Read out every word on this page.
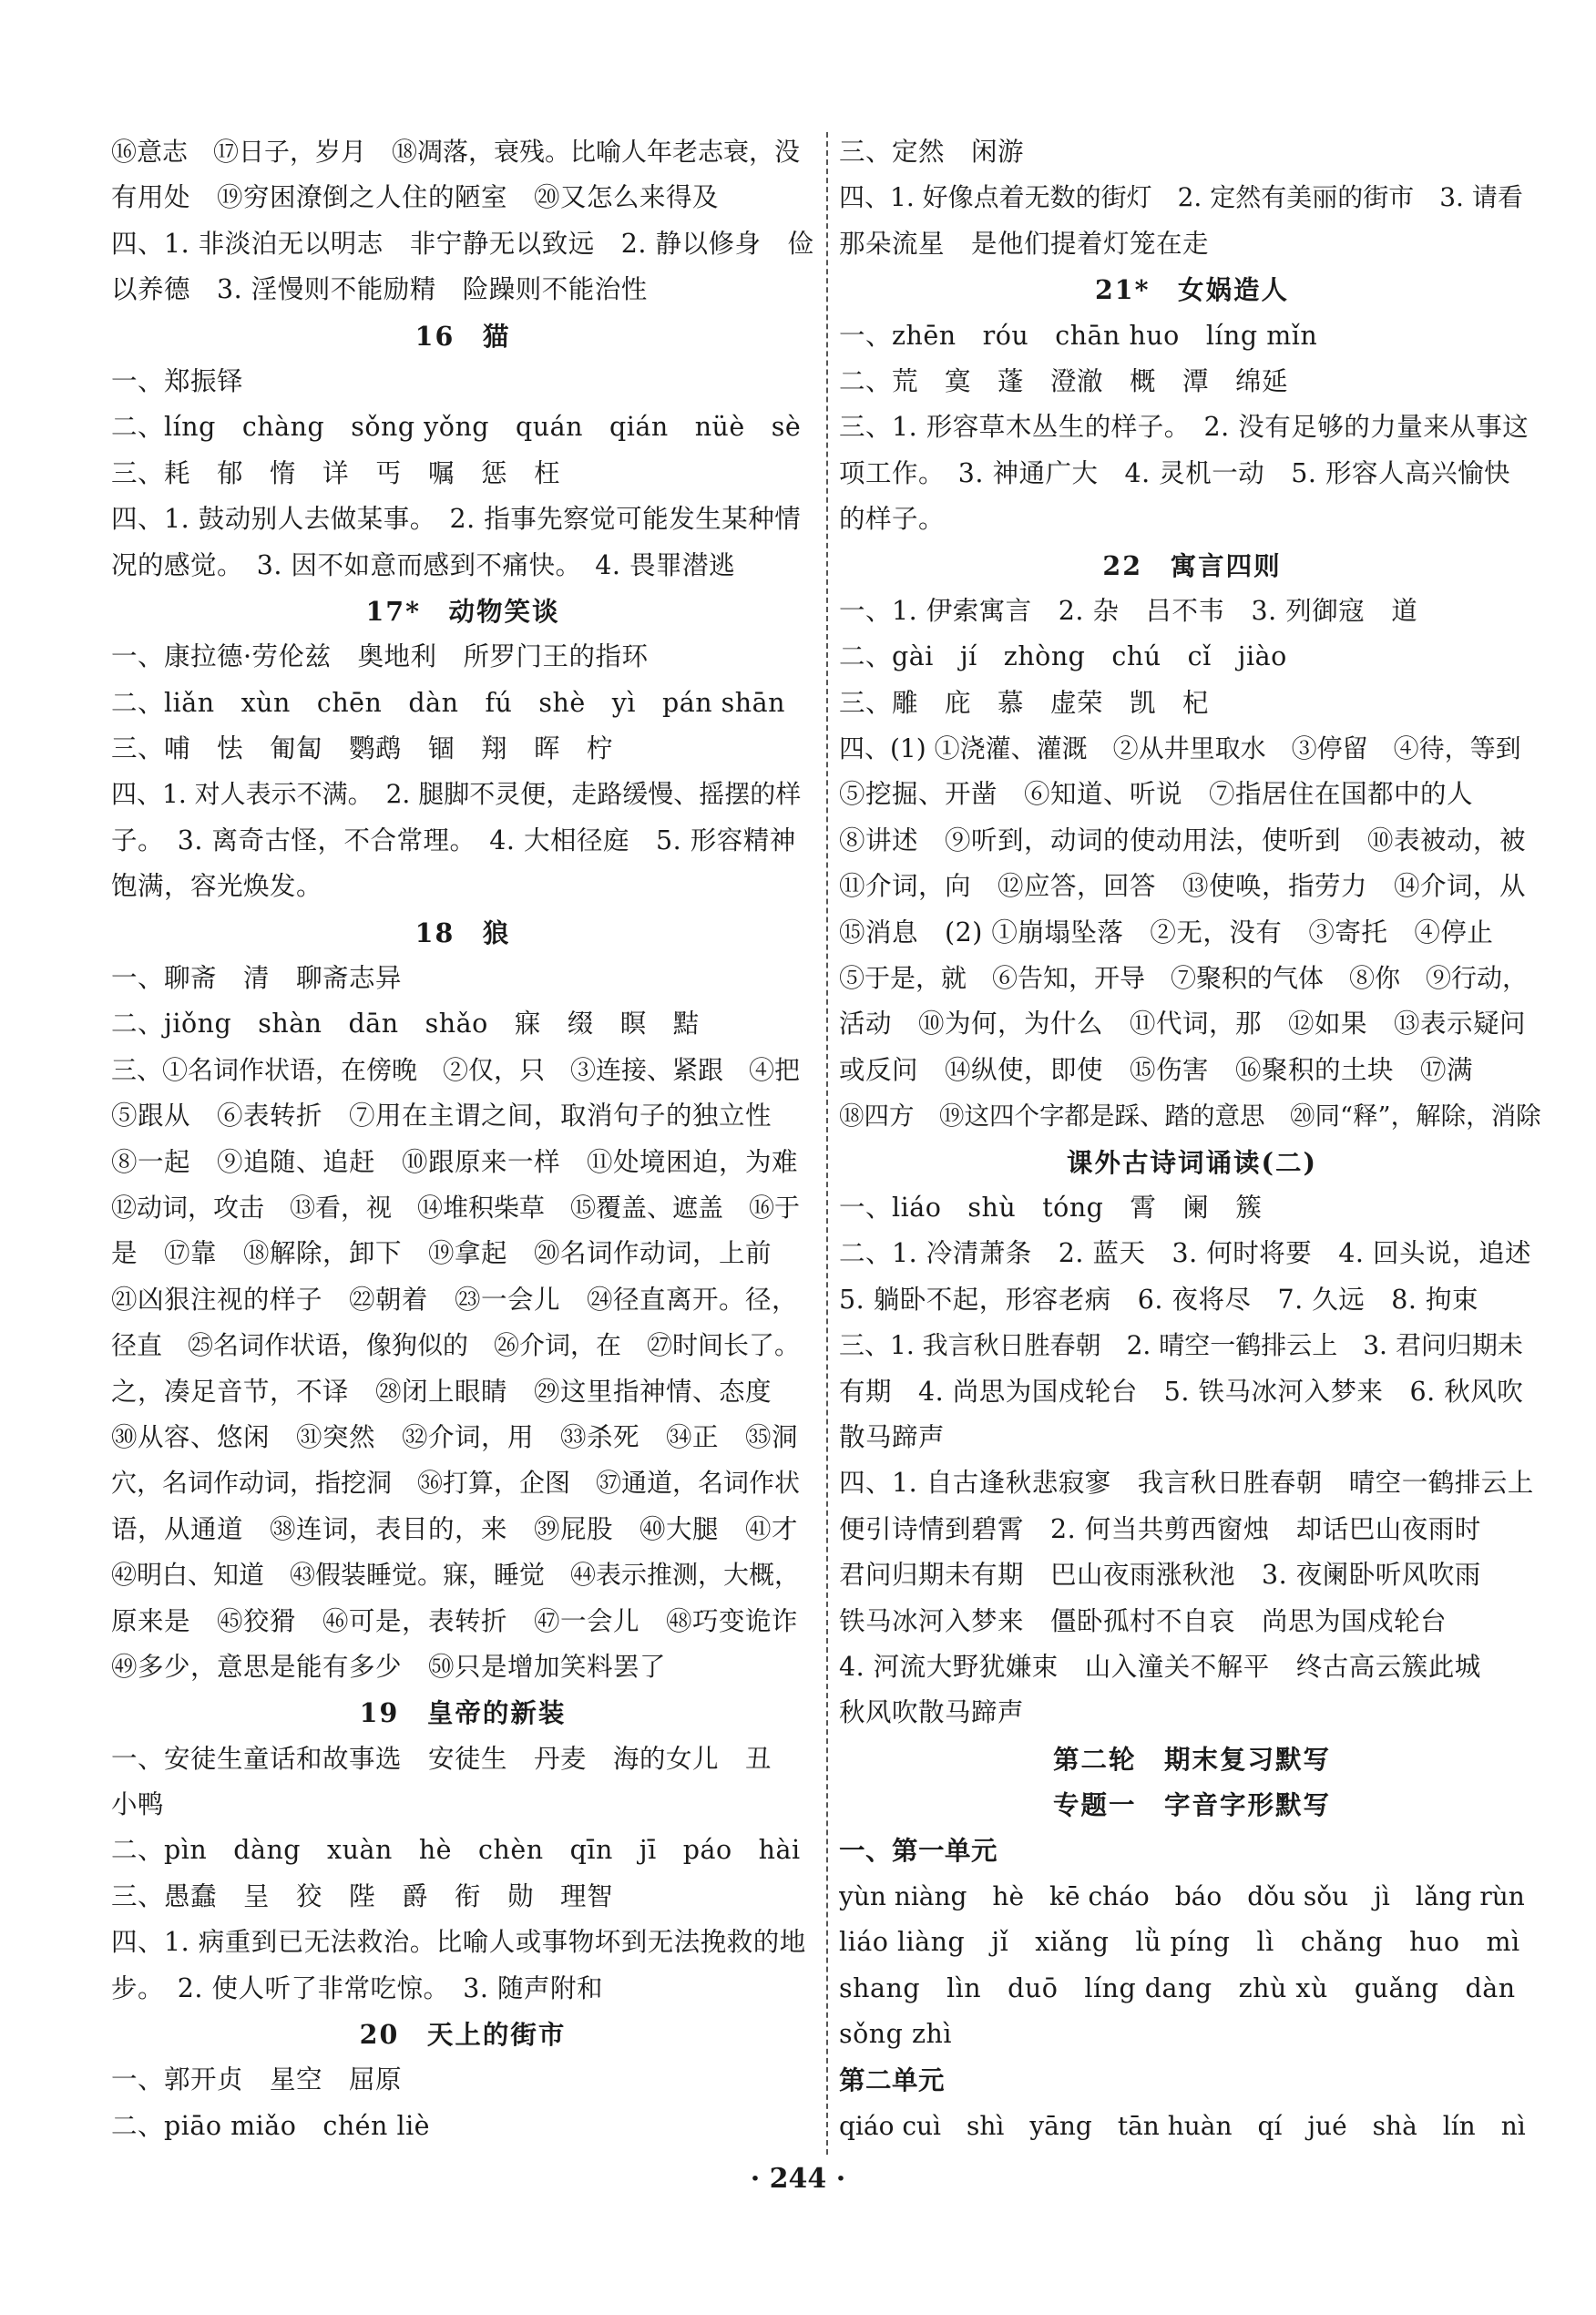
⑯意志　⑰日子，岁月　⑱凋落，衰残。比喻人年老志衰，没
有用处　⑲穷困潦倒之人住的陋室　⑳又怎么来得及
四、1. 非淡泊无以明志　非宁静无以致远　2. 静以修身　俭
以养德　3. 淫慢则不能励精　险躁则不能治性
16　猫
一、郑振铎
二、líng　chàng　sǒng yǒng　quán　qián　nüè　sè
三、耗　郁　惰　详　丐　嘱　惩　枉
四、1. 鼓动别人去做某事。　2. 指事先察觉可能发生某种情
况的感觉。　3. 因不如意而感到不痛快。　4. 畏罪潜逃
17*　动物笑谈
一、康拉德·劳伦兹　奥地利　所罗门王的指环
二、liǎn　xùn　chēn　dàn　fú　shè　yì　pán shān
三、哺　怯　匍匐　鹦鹉　锢　翔　晖　柠
四、1. 对人表示不满。　2. 腿脚不灵便，走路缓慢、摇摆的样
子。　3. 离奇古怪，不合常理。　4. 大相径庭　5. 形容精神
饱满，容光焕发。
18　狼
一、聊斋　清　聊斋志异
二、jiǒng　shàn　dān　shǎo　寐　缀　瞑　黠
三、①名词作状语，在傍晚　②仅，只　③连接、紧跟　④把
⑤跟从　⑥表转折　⑦用在主谓之间，取消句子的独立性
⑧一起　⑨追随、追赶　⑩跟原来一样　⑪处境困迫，为难
⑫动词，攻击　⑬看，视　⑭堆积柴草　⑮覆盖、遮盖　⑯于
是　⑰靠　⑱解除，卸下　⑲拿起　⑳名词作动词，上前
㉑凶狠注视的样子　㉒朝着　㉓一会儿　㉔径直离开。径，
径直　㉕名词作状语，像狗似的　㉖介词，在　㉗时间长了。
之，凑足音节，不译　㉘闭上眼睛　㉙这里指神情、态度
㉚从容、悠闲　㉛突然　㉜介词，用　㉝杀死　㉞正　㉟洞
穴，名词作动词，指挖洞　㊱打算，企图　㊲通道，名词作状
语，从通道　㊳连词，表目的，来　㊴屁股　㊵大腿　㊶才
㊷明白、知道　㊸假装睡觉。寐，睡觉　㊹表示推测，大概，
原来是　㊺狡猾　㊻可是，表转折　㊼一会儿　㊽巧变诡诈
㊾多少，意思是能有多少　㊿只是增加笑料罢了
19　皇帝的新装
一、安徒生童话和故事选　安徒生　丹麦　海的女儿　丑
小鸭
二、pìn　dàng　xuàn　hè　chèn　qīn　jī　páo　hài
三、愚蠢　呈　狡　陛　爵　衔　勋　理智
四、1. 病重到已无法救治。比喻人或事物坏到无法挽救的地
步。　2. 使人听了非常吃惊。　3. 随声附和
20　天上的街市
一、郭开贞　星空　屈原
二、piāo miǎo　chén liè
三、定然　闲游
四、1. 好像点着无数的街灯　2. 定然有美丽的街市　3. 请看
那朵流星　是他们提着灯笼在走
21*　女娲造人
一、zhēn　róu　chān huo　líng mǐn
二、荒　寞　蓬　澄澈　概　潭　绵延
三、1. 形容草木丛生的样子。　2. 没有足够的力量来从事这
项工作。　3. 神通广大　4. 灵机一动　5. 形容人高兴愉快
的样子。
22　寓言四则
一、1. 伊索寓言　2. 杂　吕不韦　3. 列御寇　道
二、gài　jí　zhòng　chú　cǐ　jiào
三、雕　庇　慕　虚荣　凯　杞
四、(1) ①浇灌、灌溉　②从井里取水　③停留　④待，等到
⑤挖掘、开凿　⑥知道、听说　⑦指居住在国都中的人
⑧讲述　⑨听到，动词的使动用法，使听到　⑩表被动，被
⑪介词，向　⑫应答，回答　⑬使唤，指劳力　⑭介词，从
⑮消息　(2) ①崩塌坠落　②无，没有　③寄托　④停止
⑤于是，就　⑥告知，开导　⑦聚积的气体　⑧你　⑨行动，
活动　⑩为何，为什么　⑪代词，那　⑫如果　⑬表示疑问
或反问　⑭纵使，即使　⑮伤害　⑯聚积的土块　⑰满
⑱四方　⑲这四个字都是踩、踏的意思　⑳同“释”，解除，消除
课外古诗词诵读(二)
一、liáo　shù　tóng　霄　阑　簇
二、1. 冷清萧条　2. 蓝天　3. 何时将要　4. 回头说，追述
5. 躺卧不起，形容老病　6. 夜将尽　7. 久远　8. 拘束
三、1. 我言秋日胜春朝　2. 晴空一鹤排云上　3. 君问归期未
有期　4. 尚思为国戍轮台　5. 铁马冰河入梦来　6. 秋风吹
散马蹄声
四、1. 自古逢秋悲寂寥　我言秋日胜春朝　晴空一鹤排云上
便引诗情到碧霄　2. 何当共剪西窗烛　却话巴山夜雨时
君问归期未有期　巴山夜雨涨秋池　3. 夜阑卧听风吹雨
铁马冰河入梦来　僵卧孤村不自哀　尚思为国戍轮台
4. 河流大野犹嫌束　山入潼关不解平　终古高云簇此城
秋风吹散马蹄声
第二轮　期末复习默写
专题一　字音字形默写
一、第一单元
yùn niàng　hè　kē cháo　báo　dǒu sǒu　jì　lǎng rùn
liáo liàng　jǐ　xiǎng　lǜ píng　lì　chǎng　huo　mì
shang　lìn　duō　líng dang　zhù xù　guǎng　dàn
sǒng zhì
第二单元
qiáo cuì　shì　yāng　tān huàn　qí　jué　shà　lín　nì
· 244 ·
